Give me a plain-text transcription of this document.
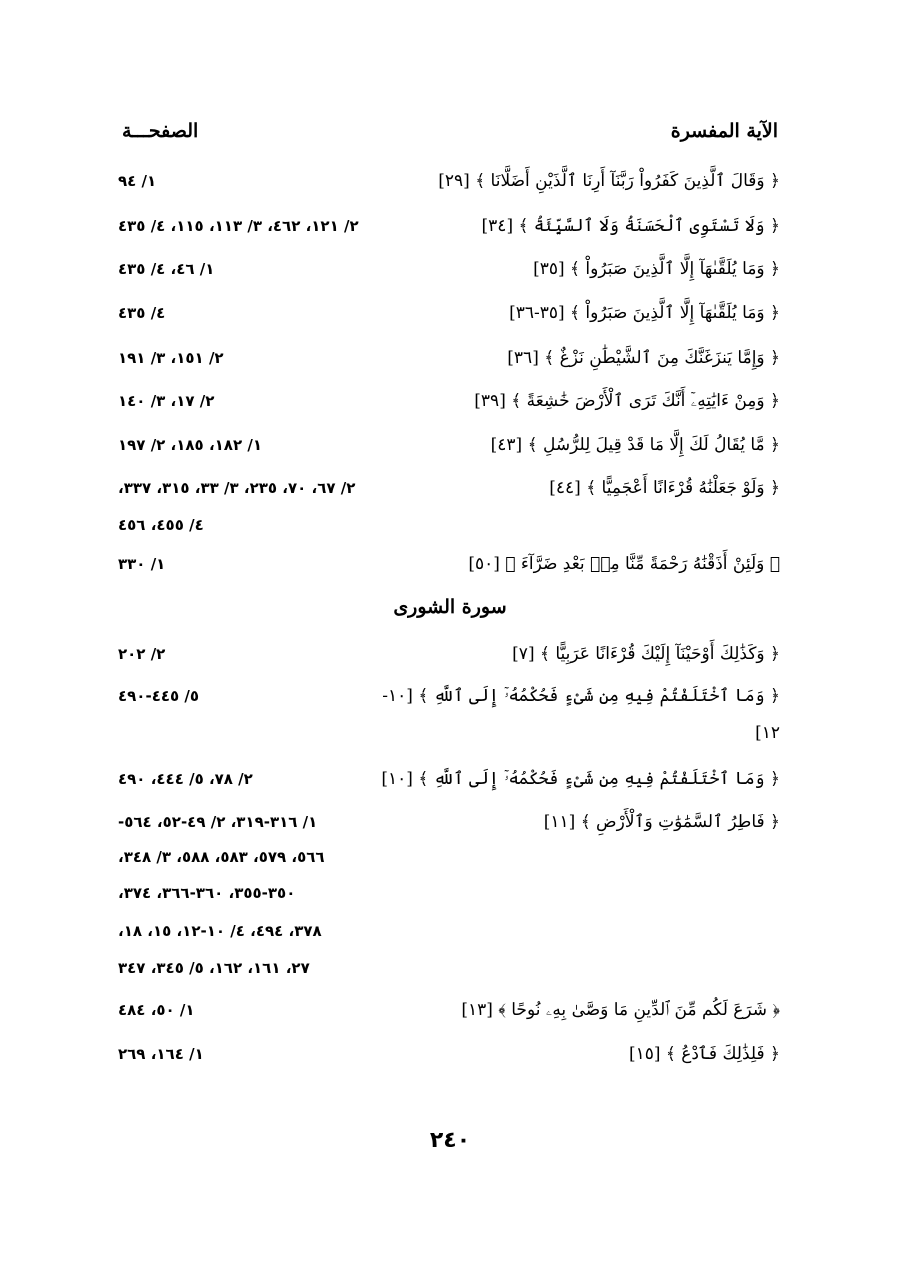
الآية المفسرة
الصفحـــة
﴿ وَقَالَ ٱلَّذِينَ كَفَرُواْ رَبَّنَآ أَرِنَا ٱلَّذَيْنِ أَضَلَّانَا ﴾ [٢٩]
١/ ٩٤
﴿ وَلَا تَسْتَوِى ٱلْحَسَنَةُ وَلَا ٱلسَّيِّئَةُ ﴾ [٣٤]
٢/ ١٢١، ٤٦٢، ٣/ ١١٣، ١١٥، ٤/ ٤٣٥
﴿ وَمَا يُلَقَّىٰهَآ إِلَّا ٱلَّذِينَ صَبَرُواْ ﴾ [٣٥]
١/ ٤٦، ٤/ ٤٣٥
﴿ وَمَا يُلَقَّىٰهَآ إِلَّا ٱلَّذِينَ صَبَرُواْ ﴾ [٣٥-٣٦]
٤/ ٤٣٥
﴿ وَإِمَّا يَنزَغَنَّكَ مِنَ ٱلشَّيْطَٰنِ نَزْغٌ ﴾ [٣٦]
٢/ ١٥١، ٣/ ١٩١
﴿ وَمِنْ ءَايَٰتِهِۦٓ أَنَّكَ تَرَى ٱلْأَرْضَ خَٰشِعَةً ﴾ [٣٩]
٢/ ١٧، ٣/ ١٤٠
﴿ مَّا يُقَالُ لَكَ إِلَّا مَا قَدْ قِيلَ لِلرُّسُلِ ﴾ [٤٣]
١/ ١٨٢، ١٨٥، ٢/ ١٩٧
﴿ وَلَوْ جَعَلْنَٰهُ قُرْءَانًا أَعْجَمِيًّا ﴾ [٤٤]
٢/ ٦٧، ٧٠، ٢٣٥، ٣/ ٣٣، ٣١٥، ٣٣٧،
٤/ ٤٥٥، ٤٥٦
﴿ وَلَئِنْ أَذَقْنَٰهُ رَحْمَةً مِّنَّا مِنۢ بَعْدِ ضَرَّآءَ ﴾ [٥٠]
١/ ٣٣٠
سورة الشورى
﴿ وَكَذَٰلِكَ أَوْحَيْنَآ إِلَيْكَ قُرْءَانًا عَرَبِيًّا ﴾ [٧]
٢/ ٢٠٢
﴿ وَمَا ٱخْتَلَفْتُمْ فِيهِ مِن شَىْءٍ فَحُكْمُهُۥٓ إِلَى ٱللَّهِ ﴾ [١٠-
٥/ ٤٤٥-٤٩٠
١٢]
﴿ وَمَا ٱخْتَلَفْتُمْ فِيهِ مِن شَىْءٍ فَحُكْمُهُۥٓ إِلَى ٱللَّهِ ﴾ [١٠]
٢/ ٧٨، ٥/ ٤٤٤، ٤٩٠
﴿ فَاطِرُ ٱلسَّمَٰوَٰتِ وَٱلْأَرْضِ ﴾ [١١]
١/ ٣١٦-٣١٩، ٢/ ٤٩-٥٢، ٥٦٤-
٥٦٦، ٥٧٩، ٥٨٣، ٥٨٨، ٣/ ٣٤٨،
٣٥٠-٣٥٥، ٣٦٠-٣٦٦، ٣٧٤،
٣٧٨، ٤٩٤، ٤/ ١٠-١٢، ١٥، ١٨،
٢٧، ١٦١، ١٦٢، ٥/ ٣٤٥، ٣٤٧
﴿ شَرَعَ لَكُم مِّنَ ٱلدِّينِ مَا وَصَّىٰ بِهِۦ نُوحًا ﴾ [١٣]
١/ ٥٠، ٤٨٤
﴿ فَلِذَٰلِكَ فَٱدْعُ ﴾ [١٥]
١/ ١٦٤، ٢٦٩
٢٤٠
